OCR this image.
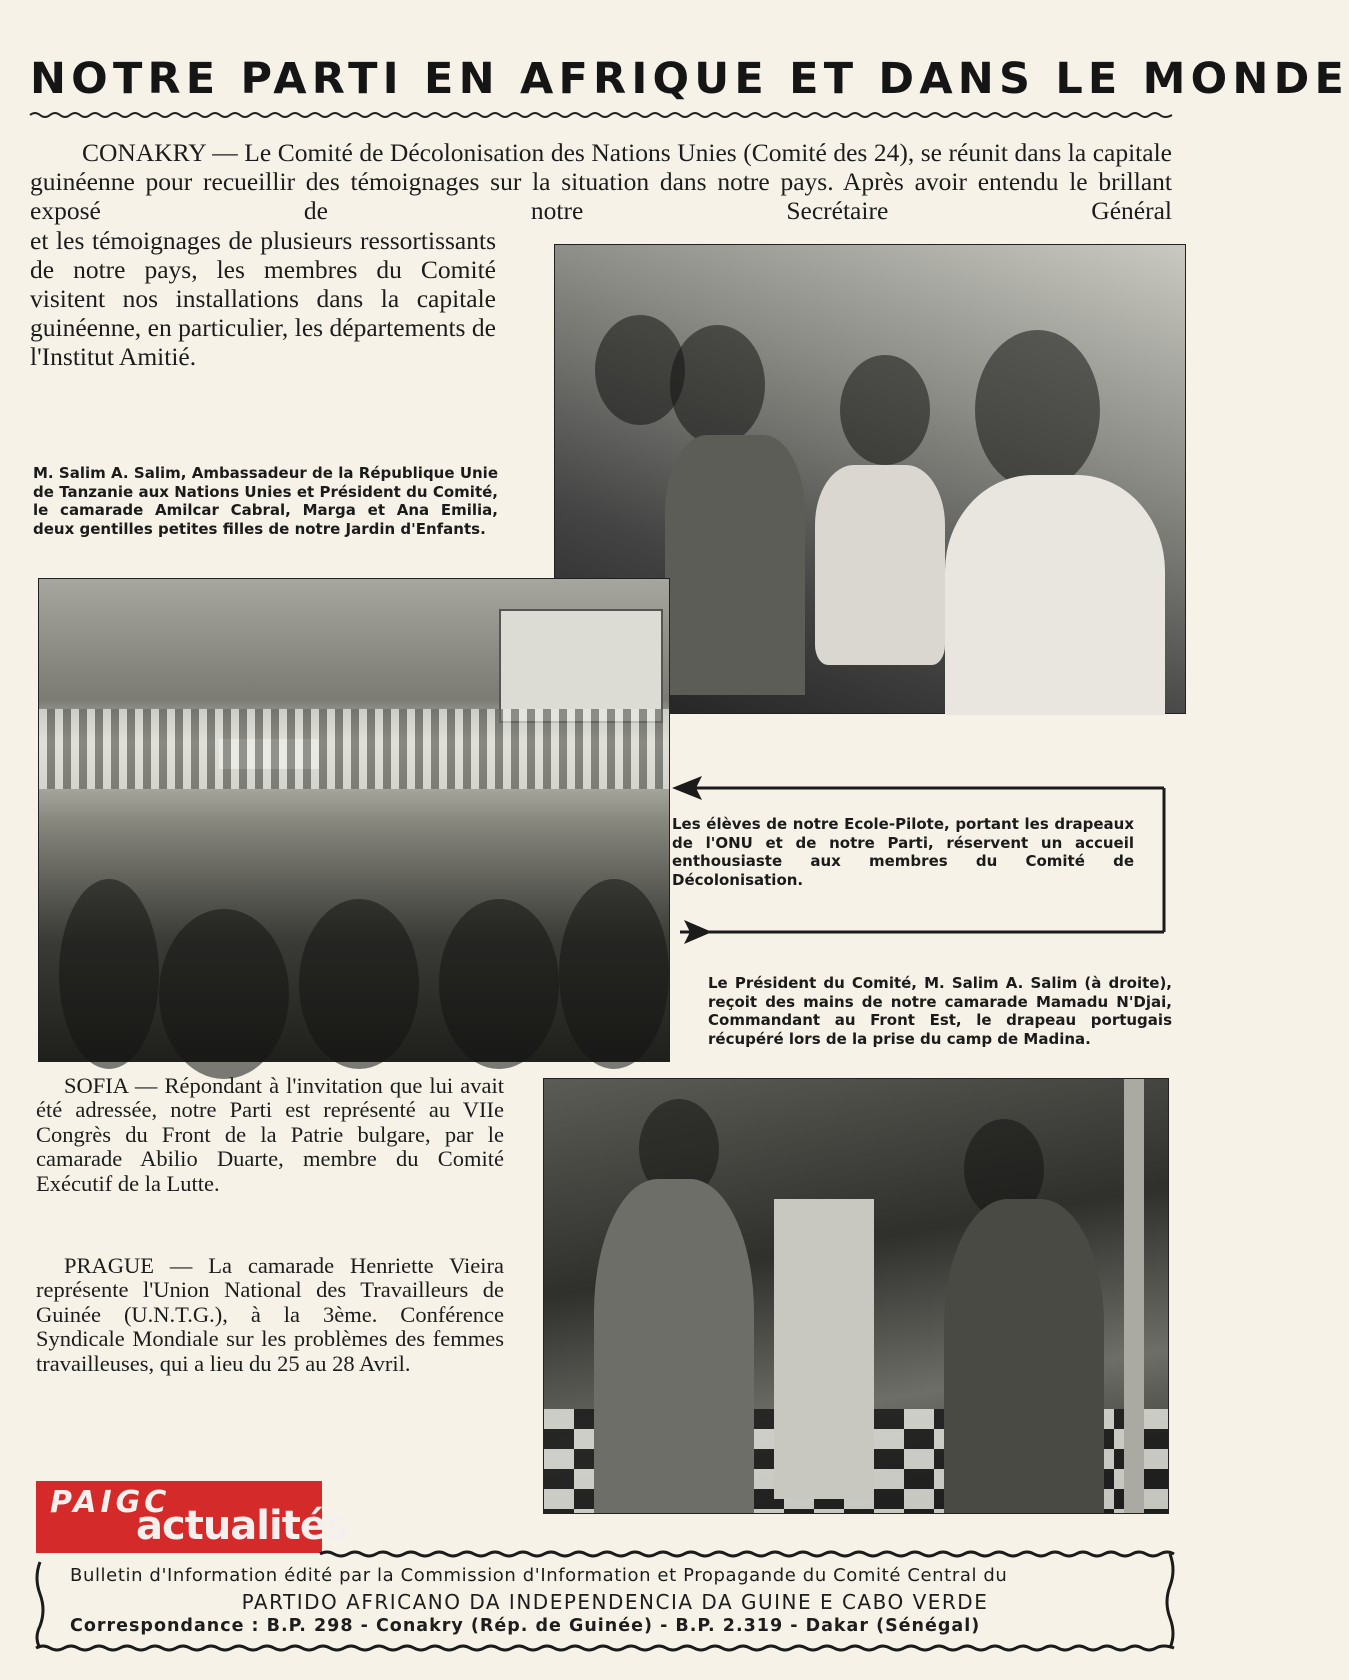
NOTRE PARTI EN AFRIQUE ET DANS LE MONDE

CONAKRY — Le Comité de Décolonisation des Nations Unies (Comité des 24), se réunit dans la capitale guinéenne pour recueillir des témoignages sur la situation dans notre pays. Après avoir entendu le brillant exposé de notre Secrétaire Général

et les témoignages de plusieurs ressortissants de notre pays, les membres du Comité visitent nos installations dans la capitale guinéenne, en particulier, les départements de l'Institut Amitié.

M. Salim A. Salim, Ambassadeur de la République Unie de Tanzanie aux Nations Unies et Président du Comité, le camarade Amilcar Cabral, Marga et Ana Emilia, deux gentilles petites filles de notre Jardin d'Enfants.
Les élèves de notre Ecole-Pilote, portant les drapeaux de l'ONU et de notre Parti, réservent un accueil enthousiaste aux membres du Comité de Décolonisation.
Le Président du Comité, M. Salim A. Salim (à droite), reçoit des mains de notre camarade Mamadu N'Djai, Commandant au Front Est, le drapeau portugais récupéré lors de la prise du camp de Madina.

SOFIA — Répondant à l'invitation que lui avait été adressée, notre Parti est représenté au VIIe Congrès du Front de la Patrie bulgare, par le camarade Abilio Duarte, membre du Comité Exécutif de la Lutte.

PRAGUE — La camarade Henriette Vieira représente l'Union National des Travailleurs de Guinée (U.N.T.G.), à la 3ème. Conférence Syndicale Mondiale sur les problèmes des femmes travailleuses, qui a lieu du 25 au 28 Avril.

PAIGC
actualités
Bulletin d'Information édité par la Commission d'Information et Propagande du Comité Central du
PARTIDO AFRICANO DA INDEPENDENCIA DA GUINE E CABO VERDE
Correspondance : B.P. 298 - Conakry (Rép. de Guinée) - B.P. 2.319 - Dakar (Sénégal)
